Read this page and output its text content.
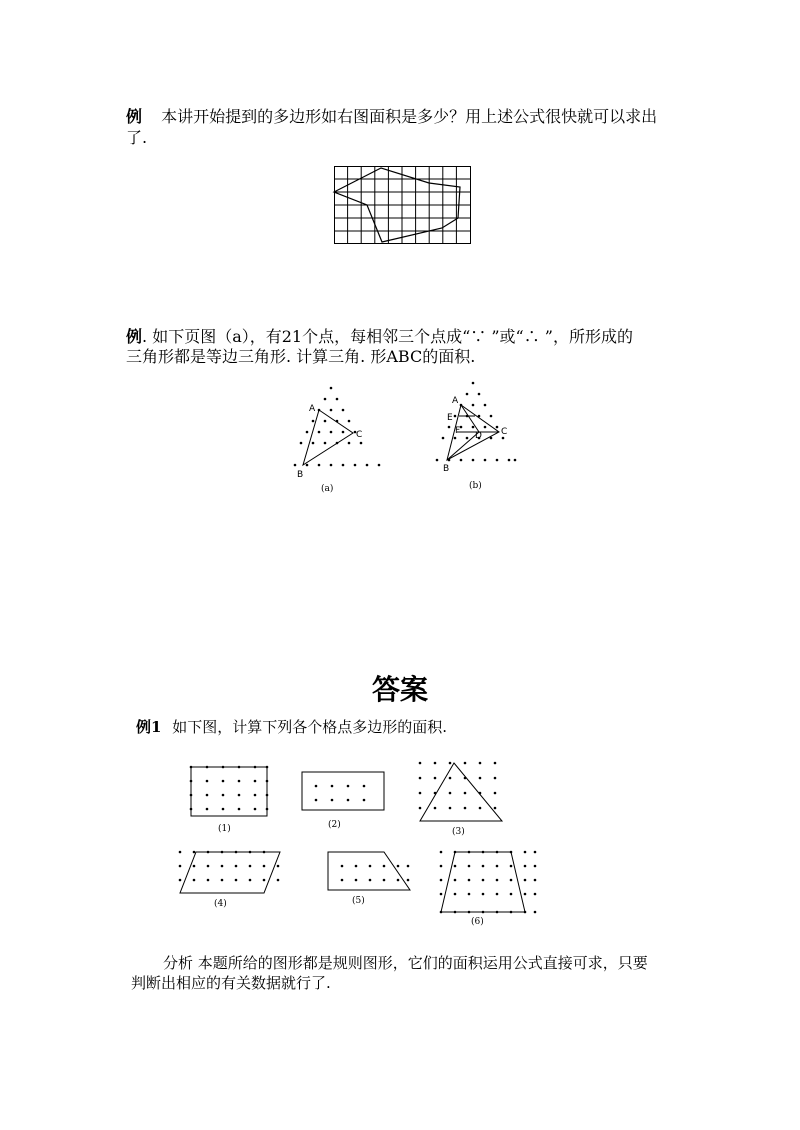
例 本讲开始提到的多边形如右图面积是多少？用上述公式很快就可以求出
了.
例. 如下页图（a），有21个点，每相邻三个点成“∵ ”或“∴ ”，所形成的
三角形都是等边三角形. 计算三角. 形ABC的面积.
A
C
B
(a)
A
E
F D C
B
(b)
答案
例1 如下图，计算下列各个格点多边形的面积.
(1)	(2)
(3)
(4)	(5)
(6)
分析 本题所给的图形都是规则图形，它们的面积运用公式直接可求，只要
判断出相应的有关数据就行了.
